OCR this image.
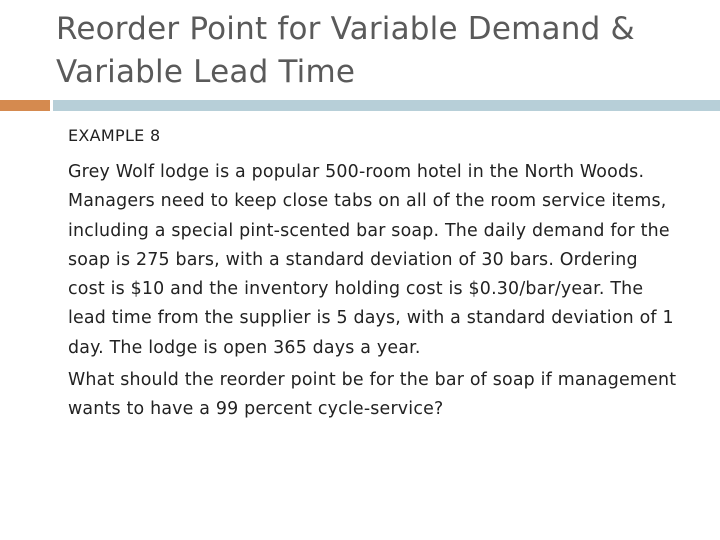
Reorder Point for Variable Demand & Variable Lead Time
EXAMPLE 8

Grey Wolf lodge is a popular 500-room hotel in the North Woods. Managers need to keep close tabs on all of the room service items, including a special pint-scented bar soap. The daily demand for the soap is 275 bars, with a standard deviation of 30 bars. Ordering cost is $10 and the inventory holding cost is $0.30/bar/year. The lead time from the supplier is 5 days, with a standard deviation of 1 day. The lodge is open 365 days a year.

What should the reorder point be for the bar of soap if management wants to have a 99 percent cycle-service?
